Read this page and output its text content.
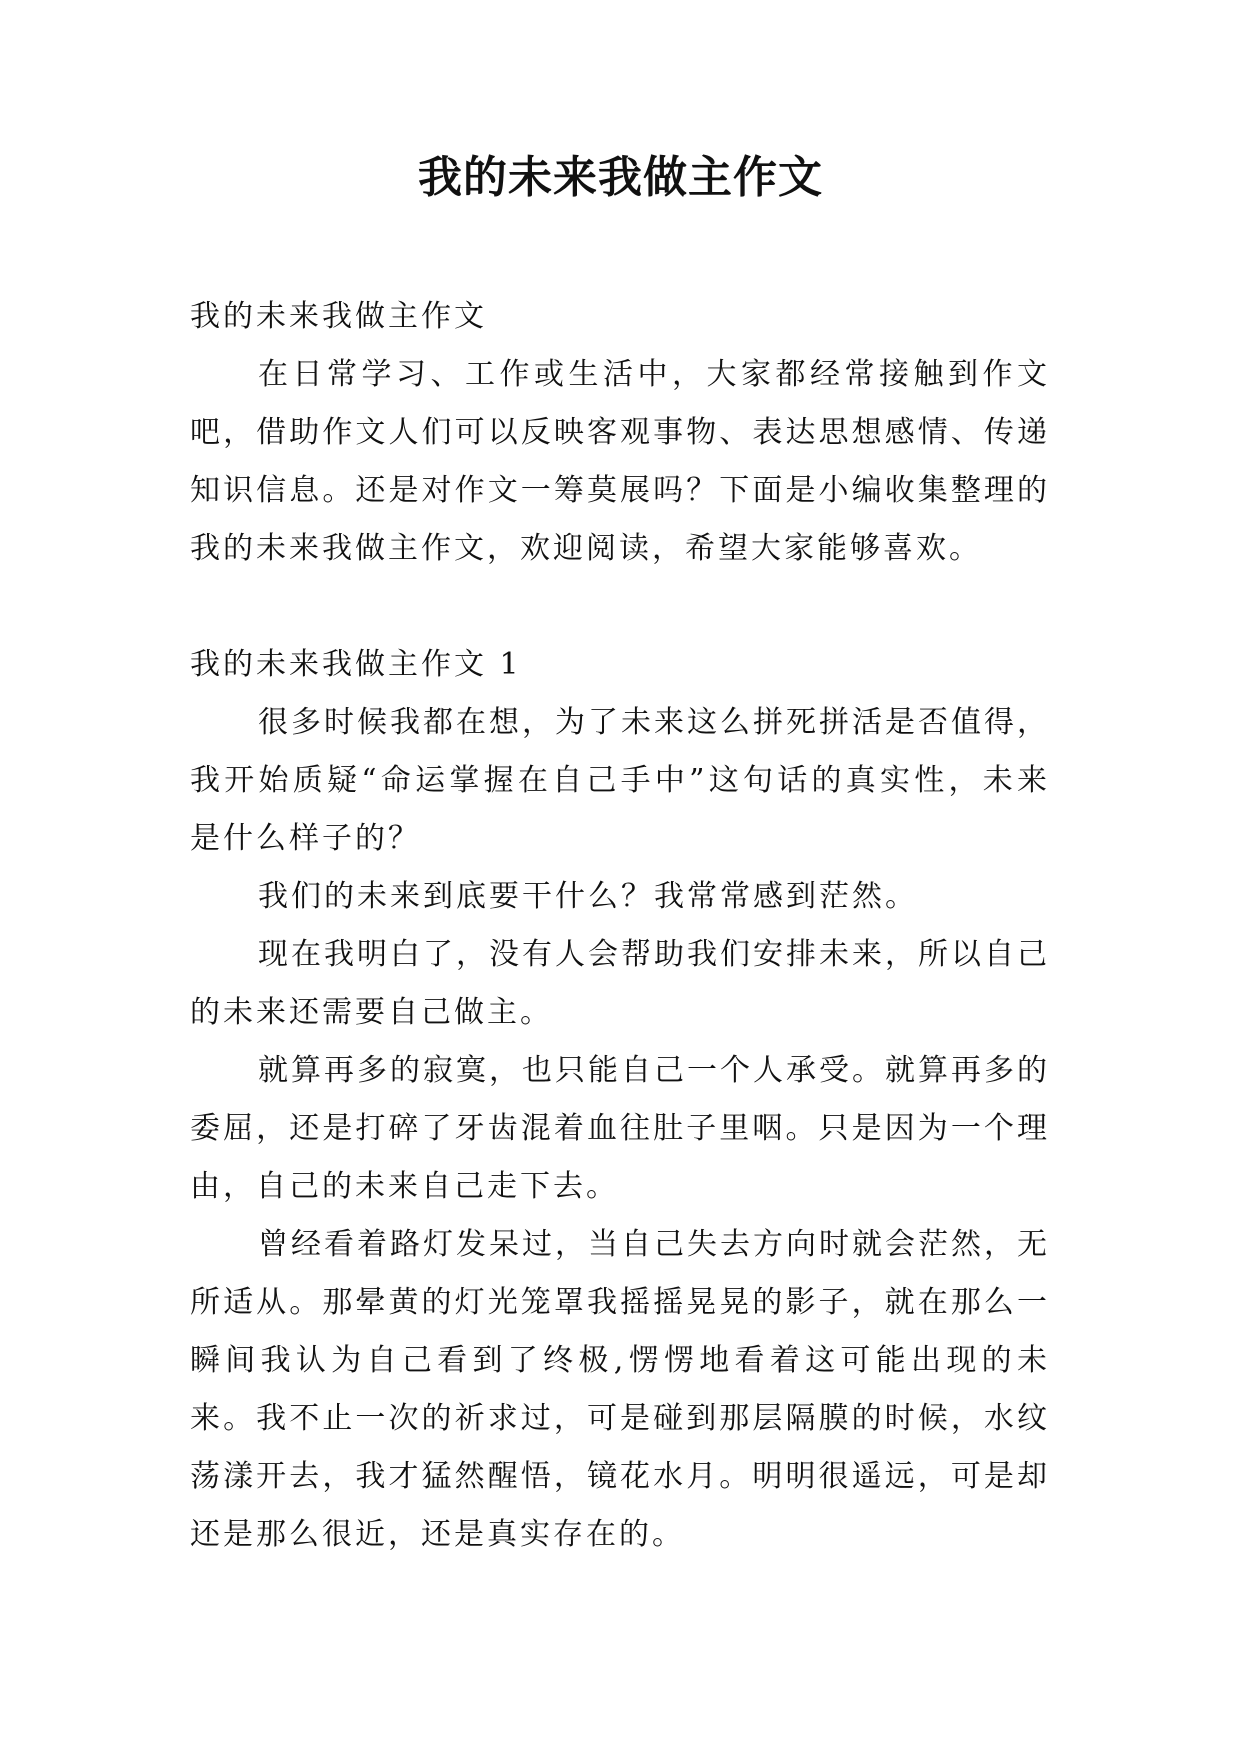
我的未来我做主作文

我的未来我做主作文

在日常学习、工作或生活中，大家都经常接触到作文吧，借助作文人们可以反映客观事物、表达思想感情、传递知识信息。还是对作文一筹莫展吗？下面是小编收集整理的我的未来我做主作文，欢迎阅读，希望大家能够喜欢。

我的未来我做主作文 1

很多时候我都在想，为了未来这么拼死拼活是否值得，我开始质疑“命运掌握在自己手中”这句话的真实性，未来是什么样子的？

我们的未来到底要干什么？我常常感到茫然。

现在我明白了，没有人会帮助我们安排未来，所以自己的未来还需要自己做主。

就算再多的寂寞，也只能自己一个人承受。就算再多的委屈，还是打碎了牙齿混着血往肚子里咽。只是因为一个理由，自己的未来自己走下去。

曾经看着路灯发呆过，当自己失去方向时就会茫然，无所适从。那晕黄的灯光笼罩我摇摇晃晃的影子，就在那么一瞬间我认为自己看到了终极,愣愣地看着这可能出现的未来。我不止一次的祈求过，可是碰到那层隔膜的时候，水纹荡漾开去，我才猛然醒悟，镜花水月。明明很遥远，可是却还是那么很近，还是真实存在的。
